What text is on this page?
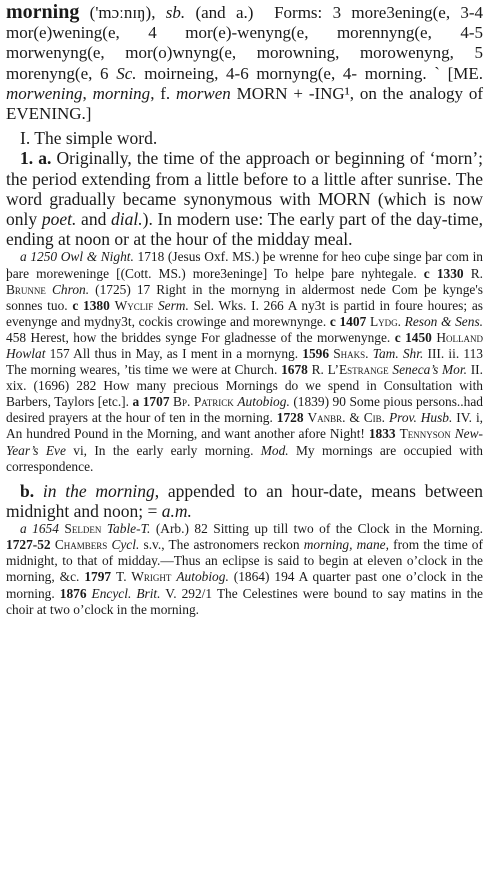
morning ('mɔːnɪŋ), sb. (and a.) Forms: 3 more3ening(e, 3-4 mor(e)wening(e, 4 mor(e)-wenyng(e, morennyng(e, 4-5 morwenyng(e, mor(o)wnyng(e, morowning, morowenyng, 5 morenyng(e, 6 Sc. moirneing, 4-6 mornyng(e, 4- morning. ` [ME. morwening, morning, f. morwen MORN + -ING¹, on the analogy of EVENING.]

I. The simple word.

1. a. Originally, the time of the approach or beginning of ‘morn’; the period extending from a little before to a little after sunrise. The word gradually became synonymous with MORN (which is now only poet. and dial.). In modern use: The early part of the day-time, ending at noon or at the hour of the midday meal.

a 1250 Owl & Night. 1718 (Jesus Oxf. MS.) þe wrenne for heo cuþe singe þar com in þare moreweninge [(Cott. MS.) more3eninge] To helpe þare nyhtegale. c 1330 R. Brunne Chron. (1725) 17 Right in the mornyng in aldermost nede Com þe kynge's sonnes tuo. c 1380 Wyclif Serm. Sel. Wks. I. 266 A ny3t is partid in foure houres; as evenynge and mydny3t, cockis crowinge and morewnynge. c 1407 Lydg. Reson & Sens. 458 Herest, how the briddes synge For gladnesse of the morwenynge. c 1450 Holland Howlat 157 All thus in May, as I ment in a mornyng. 1596 Shaks. Tam. Shr. III. ii. 113 The morning weares, ’tis time we were at Church. 1678 R. L’Estrange Seneca’s Mor. II. xix. (1696) 282 How many precious Mornings do we spend in Consultation with Barbers, Taylors [etc.]. a 1707 Bp. Patrick Autobiog. (1839) 90 Some pious persons..had desired prayers at the hour of ten in the morning. 1728 Vanbr. & Cib. Prov. Husb. IV. i, An hundred Pound in the Morning, and want another afore Night! 1833 Tennyson New-Year’s Eve vi, In the early early morning. Mod. My mornings are occupied with correspondence.

b. in the morning, appended to an hour-date, means between midnight and noon; = a.m.

a 1654 Selden Table-T. (Arb.) 82 Sitting up till two of the Clock in the Morning. 1727-52 Chambers Cycl. s.v., The astronomers reckon morning, mane, from the time of midnight, to that of midday.—Thus an eclipse is said to begin at eleven o’clock in the morning, &c. 1797 T. Wright Autobiog. (1864) 194 A quarter past one o’clock in the morning. 1876 Encycl. Brit. V. 292/1 The Celestines were bound to say matins in the choir at two o’clock in the morning.
